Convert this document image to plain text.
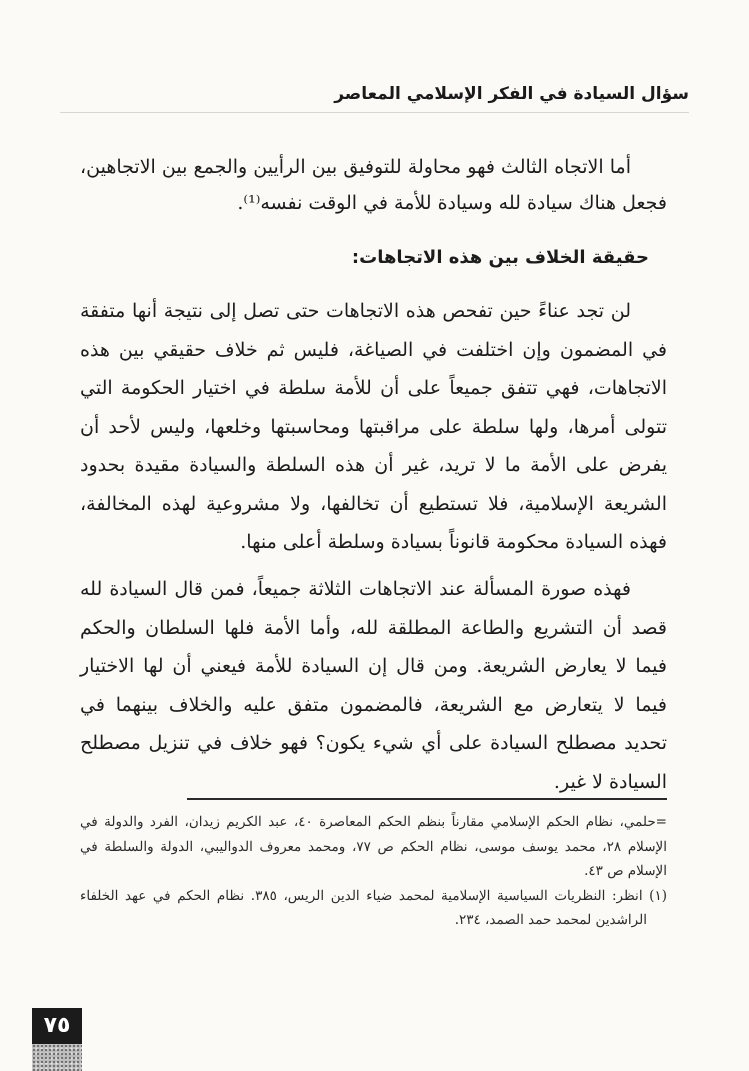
سؤال السيادة في الفكر الإسلامي المعاصر

أما الاتجاه الثالث فهو محاولة للتوفيق بين الرأيين والجمع بين الاتجاهين، فجعل هناك سيادة لله وسيادة للأمة في الوقت نفسه⁽¹⁾.

حقيقة الخلاف بين هذه الاتجاهات:

لن تجد عناءً حين تفحص هذه الاتجاهات حتى تصل إلى نتيجة أنها متفقة في المضمون وإن اختلفت في الصياغة، فليس ثم خلاف حقيقي بين هذه الاتجاهات، فهي تتفق جميعاً على أن للأمة سلطة في اختيار الحكومة التي تتولى أمرها، ولها سلطة على مراقبتها ومحاسبتها وخلعها، وليس لأحد أن يفرض على الأمة ما لا تريد، غير أن هذه السلطة والسيادة مقيدة بحدود الشريعة الإسلامية، فلا تستطيع أن تخالفها، ولا مشروعية لهذه المخالفة، فهذه السيادة محكومة قانوناً بسيادة وسلطة أعلى منها.

فهذه صورة المسألة عند الاتجاهات الثلاثة جميعاً، فمن قال السيادة لله قصد أن التشريع والطاعة المطلقة لله، وأما الأمة فلها السلطان والحكم فيما لا يعارض الشريعة. ومن قال إن السيادة للأمة فيعني أن لها الاختيار فيما لا يتعارض مع الشريعة، فالمضمون متفق عليه والخلاف بينهما في تحديد مصطلح السيادة على أي شيء يكون؟ فهو خلاف في تنزيل مصطلح السيادة لا غير.

=حلمي، نظام الحكم الإسلامي مقارناً بنظم الحكم المعاصرة ٤٠، عبد الكريم زيدان، الفرد والدولة في الإسلام ٢٨، محمد يوسف موسى، نظام الحكم ص ٧٧، ومحمد معروف الدواليبي، الدولة والسلطة في الإسلام ص ٤٣.

(١) انظر: النظريات السياسية الإسلامية لمحمد ضياء الدين الريس، ٣٨٥. نظام الحكم في عهد الخلفاء الراشدين لمحمد حمد الصمد، ٢٣٤.

٧٥
